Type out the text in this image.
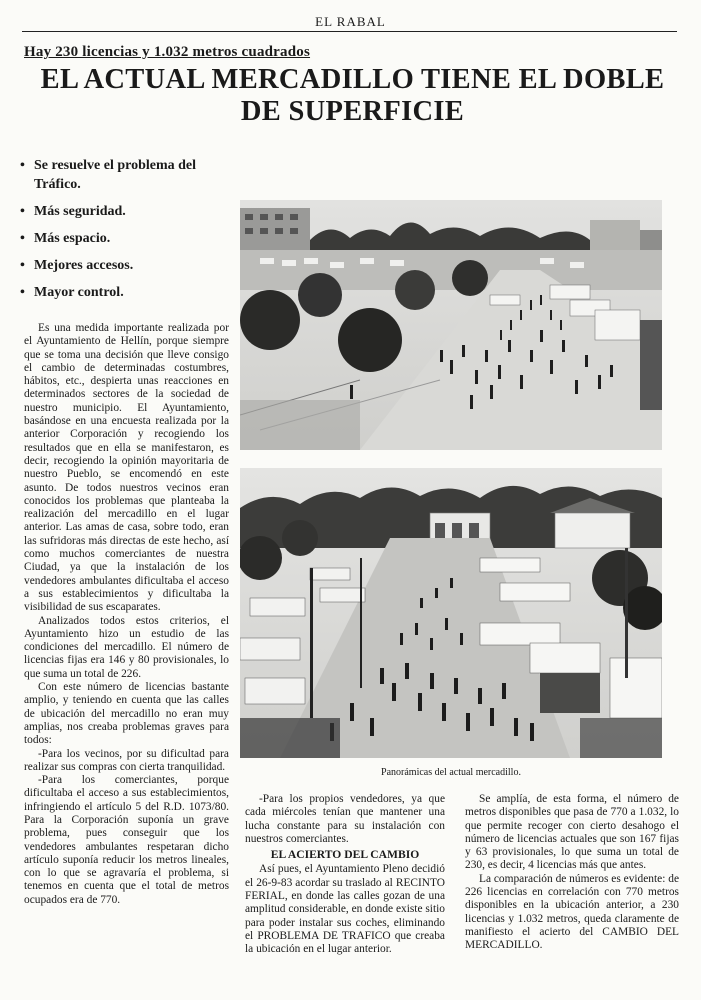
EL RABAL
Hay 230 licencias y 1.032 metros cuadrados
EL ACTUAL MERCADILLO TIENE EL DOBLE
DE SUPERFICIE
• Se resuelve el problema del Tráfico.
• Más seguridad.
• Más espacio.
• Mejores accesos.
• Mayor control.

Es una medida importante realizada por el Ayuntamiento de Hellín, porque siempre que se toma una decisión que lleve consigo el cambio de determinadas costumbres, hábitos, etc., despierta unas reacciones en determinados sectores de la sociedad de nuestro municipio. El Ayuntamiento, basándose en una encuesta realizada por la anterior Corporación y recogiendo los resultados que en ella se manifestaron, es decir, recogiendo la opinión mayoritaria de nuestro Pueblo, se encomendó en este asunto. De todos nuestros vecinos eran conocidos los problemas que planteaba la realización del mercadillo en el lugar anterior. Las amas de casa, sobre todo, eran las sufridoras más directas de este hecho, así como muchos comerciantes de nuestra Ciudad, ya que la instalación de los vendedores ambulantes dificultaba el acceso a sus establecimientos y dificultaba la visibilidad de sus escaparates.

Analizados todos estos criterios, el Ayuntamiento hizo un estudio de las condiciones del mercadillo. El número de licencias fijas era 146 y 80 provisionales, lo que suma un total de 226.

Con este número de licencias bastante amplio, y teniendo en cuenta que las calles de ubicación del mercadillo no eran muy amplias, nos creaba problemas graves para todos:

-Para los vecinos, por su dificultad para realizar sus compras con cierta tranquilidad.

-Para los comerciantes, porque dificultaba el acceso a sus establecimientos, infringiendo el artículo 5 del R.D. 1073/80. Para la Corporación suponía un grave problema, pues conseguir que los vendedores ambulantes respetaran dicho artículo suponía reducir los metros lineales, con lo que se agravaría el problema, si tenemos en cuenta que el total de metros ocupados era de 770.

Panorámicas del actual mercadillo.

-Para los propios vendedores, ya que cada miércoles tenían que mantener una lucha constante para su instalación con nuestros comerciantes.

EL ACIERTO DEL CAMBIO

Así pues, el Ayuntamiento Pleno decidió el 26-9-83 acordar su traslado al RECINTO FERIAL, en donde las calles gozan de una amplitud considerable, en donde existe sitio para poder instalar sus coches, eliminando el PROBLEMA DE TRAFICO que creaba la ubicación en el lugar anterior.

Se amplía, de esta forma, el número de metros disponibles que pasa de 770 a 1.032, lo que permite recoger con cierto desahogo el número de licencias actuales que son 167 fijas y 63 provisionales, lo que suma un total de 230, es decir, 4 licencias más que antes.

La comparación de números es evidente: de 226 licencias en correlación con 770 metros disponibles en la ubicación anterior, a 230 licencias y 1.032 metros, queda claramente de manifiesto el acierto del CAMBIO DEL MERCADILLO.
